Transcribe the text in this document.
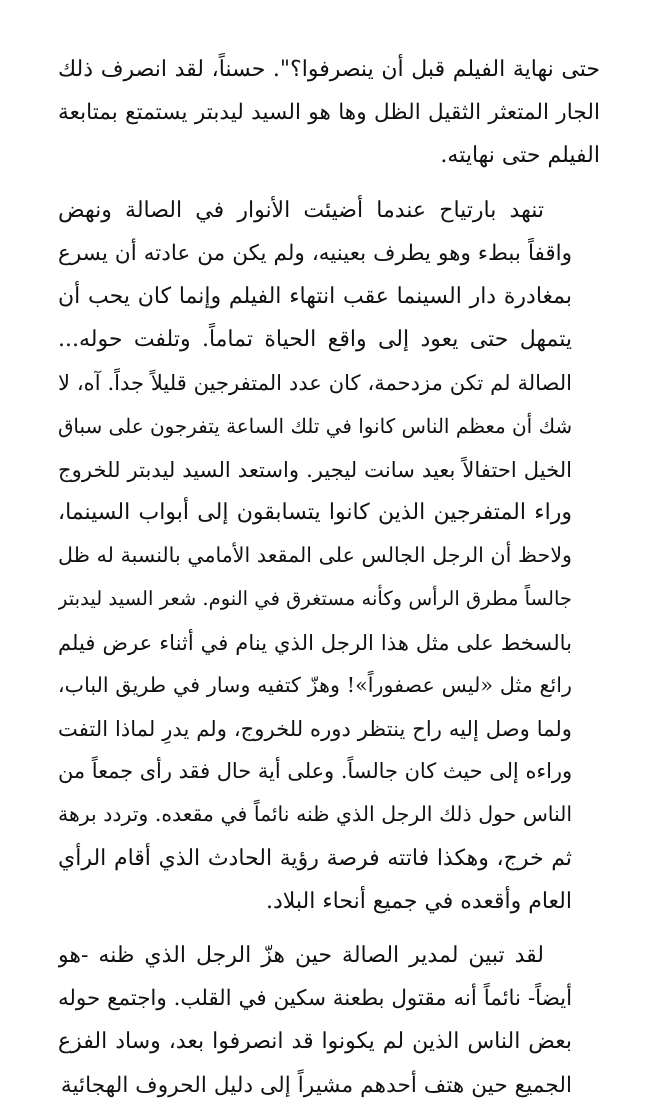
حتى نهاية الفيلم قبل أن ينصرفوا؟". حسناً، لقد انصرف ذلك
الجار المتعثر الثقيل الظل وها هو السيد ليدبتر يستمتع بمتابعة
الفيلم حتى نهايته.
تنهد بارتياح عندما أضيئت الأنوار في الصالة ونهض
واقفاً ببطء وهو يطرف بعينيه، ولم يكن من عادته أن يسرع
بمغادرة دار السينما عقب انتهاء الفيلم وإنما كان يحب أن
يتمهل حتى يعود إلى واقع الحياة تماماً. وتلفت حوله...
الصالة لم تكن مزدحمة، كان عدد المتفرجين قليلاً جداً. آه، لا
شك أن معظم الناس كانوا في تلك الساعة يتفرجون على سباق
الخيل احتفالاً بعيد سانت ليجير. واستعد السيد ليدبتر للخروج
وراء المتفرجين الذين كانوا يتسابقون إلى أبواب السينما،
ولاحظ أن الرجل الجالس على المقعد الأمامي بالنسبة له ظل
جالساً مطرق الرأس وكأنه مستغرق في النوم. شعر السيد ليدبتر
بالسخط على مثل هذا الرجل الذي ينام في أثناء عرض فيلم
رائع مثل «ليس عصفوراً»! وهزّ كتفيه وسار في طريق الباب،
ولما وصل إليه راح ينتظر دوره للخروج، ولم يدرِ لماذا التفت
وراءه إلى حيث كان جالساً. وعلى أية حال فقد رأى جمعاً من
الناس حول ذلك الرجل الذي ظنه نائماً في مقعده. وتردد برهة
ثم خرج، وهكذا فاتته فرصة رؤية الحادث الذي أقام الرأي
العام وأقعده في جميع أنحاء البلاد.
لقد تبين لمدير الصالة حين هزّ الرجل الذي ظنه -هو
أيضاً- نائماً أنه مقتول بطعنة سكين في القلب. واجتمع حوله
بعض الناس الذين لم يكونوا قد انصرفوا بعد، وساد الفزع
الجميع حين هتف أحدهم مشيراً إلى دليل الحروف الهجائية
